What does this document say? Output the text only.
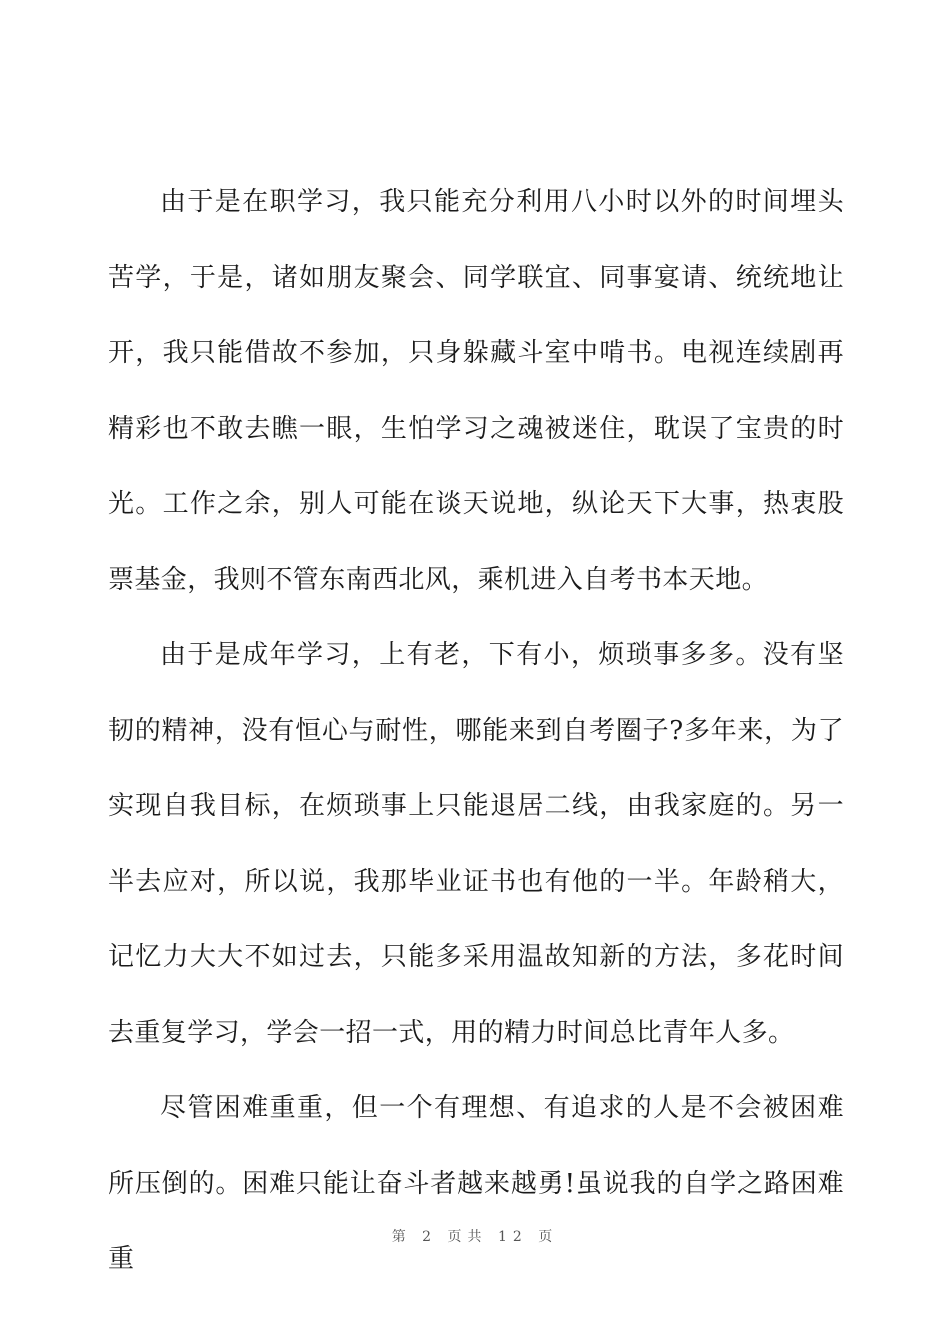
由于是在职学习，我只能充分利用八小时以外的时间埋头苦学，于是，诸如朋友聚会、同学联宜、同事宴请、统统地让开，我只能借故不参加，只身躲藏斗室中啃书。电视连续剧再精彩也不敢去瞧一眼，生怕学习之魂被迷住，耽误了宝贵的时光。工作之余，别人可能在谈天说地，纵论天下大事，热衷股票基金，我则不管东南西北风，乘机进入自考书本天地。

由于是成年学习，上有老，下有小，烦琐事多多。没有坚韧的精神，没有恒心与耐性，哪能来到自考圈子?多年来，为了实现自我目标，在烦琐事上只能退居二线，由我家庭的。另一半去应对，所以说，我那毕业证书也有他的一半。年龄稍大，记忆力大大不如过去，只能多采用温故知新的方法，多花时间去重复学习，学会一招一式，用的精力时间总比青年人多。

尽管困难重重，但一个有理想、有追求的人是不会被困难所压倒的。困难只能让奋斗者越来越勇!虽说我的自学之路困难重

第 2 页共 12 页
